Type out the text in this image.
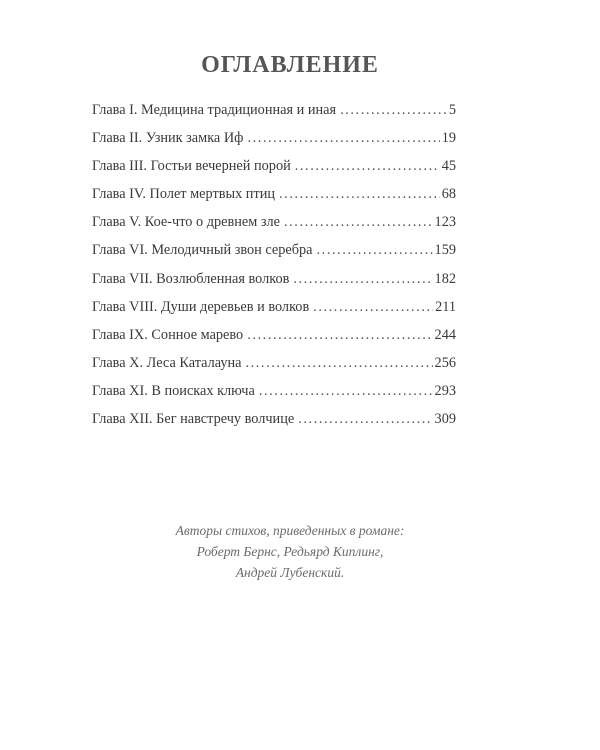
ОГЛАВЛЕНИЕ
Глава I. Медицина традиционная и иная . . .	5
Глава II. Узник замка Иф . . .	19
Глава III. Гостьи вечерней порой . . .	45
Глава IV. Полет мертвых птиц . . .	68
Глава V. Кое-что о древнем зле . . .	123
Глава VI. Мелодичный звон серебра . . .	159
Глава VII. Возлюбленная волков . . .	182
Глава VIII. Души деревьев и волков . . .	211
Глава IX. Сонное марево . . .	244
Глава X. Леса Каталауна . . .	256
Глава XI. В поисках ключа . . .	293
Глава XII. Бег навстречу волчице . . .	309
Авторы стихов, приведенных в романе:
Роберт Бернс, Редьярд Киплинг,
Андрей Лубенский.
